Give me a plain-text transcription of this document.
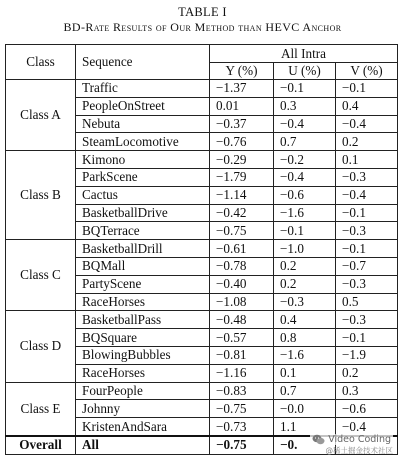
TABLE I
BD-Rate Results of Our Method than HEVC Anchor
Class	Sequence	All Intra		
		Y (%)	U (%)	V (%)
Class A	Traffic	−1.37	−0.1	−0.1
	PeopleOnStreet	0.01	0.3	0.4
	Nebuta	−0.37	−0.4	−0.4
	SteamLocomotive	−0.76	0.7	0.2
Class B	Kimono	−0.29	−0.2	0.1
	ParkScene	−1.79	−0.4	−0.3
	Cactus	−1.14	−0.6	−0.4
	BasketballDrive	−0.42	−1.6	−0.1
	BQTerrace	−0.75	−0.1	−0.3
Class C	BasketballDrill	−0.61	−1.0	−0.1
	BQMall	−0.78	0.2	−0.7
	PartyScene	−0.40	0.2	−0.3
	RaceHorses	−1.08	−0.3	0.5
Class D	BasketballPass	−0.48	0.4	−0.3
	BQSquare	−0.57	0.8	−0.1
	BlowingBubbles	−0.81	−1.6	−1.9
	RaceHorses	−1.16	0.1	0.2
Class E	FourPeople	−0.83	0.7	0.3
	Johnny	−0.75	−0.0	−0.6
	KristenAndSara	−0.73	1.1	−0.4
Overall	All	−0.75	−0.		Video Coding
@稀土掘金技术社区
